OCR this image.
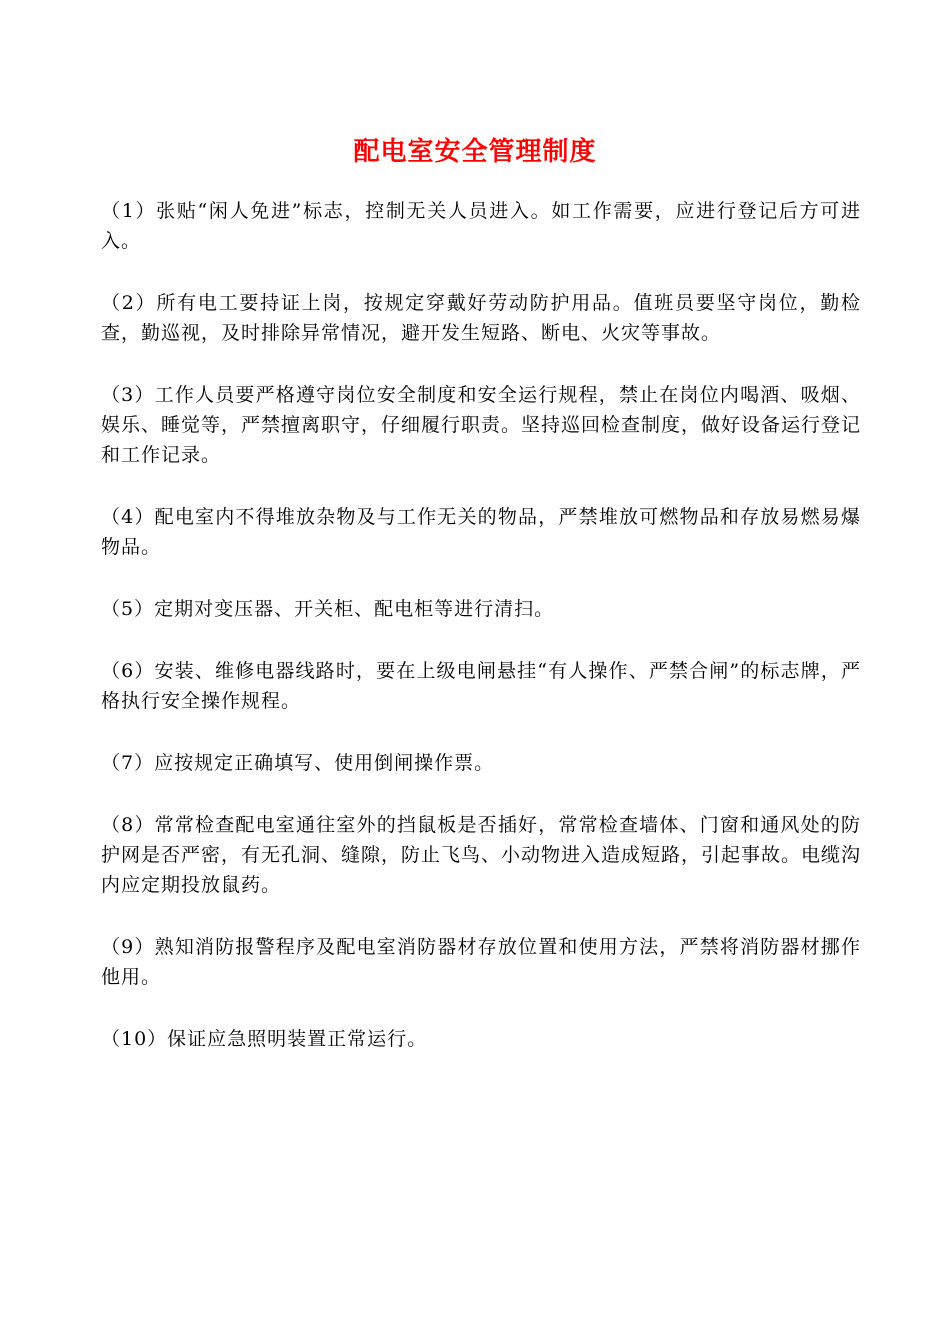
配电室安全管理制度

（1）张贴“闲人免进”标志，控制无关人员进入。如工作需要，应进行登记后方可进入。

（2）所有电工要持证上岗，按规定穿戴好劳动防护用品。值班员要坚守岗位，勤检查，勤巡视，及时排除异常情况，避开发生短路、断电、火灾等事故。

（3）工作人员要严格遵守岗位安全制度和安全运行规程，禁止在岗位内喝酒、吸烟、娱乐、睡觉等，严禁擅离职守，仔细履行职责。坚持巡回检查制度，做好设备运行登记和工作记录。

（4）配电室内不得堆放杂物及与工作无关的物品，严禁堆放可燃物品和存放易燃易爆物品。

（5）定期对变压器、开关柜、配电柜等进行清扫。

（6）安装、维修电器线路时，要在上级电闸悬挂“有人操作、严禁合闸”的标志牌，严格执行安全操作规程。

（7）应按规定正确填写、使用倒闸操作票。

（8）常常检查配电室通往室外的挡鼠板是否插好，常常检查墙体、门窗和通风处的防护网是否严密，有无孔洞、缝隙，防止飞鸟、小动物进入造成短路，引起事故。电缆沟内应定期投放鼠药。

（9）熟知消防报警程序及配电室消防器材存放位置和使用方法，严禁将消防器材挪作他用。

（10）保证应急照明装置正常运行。
